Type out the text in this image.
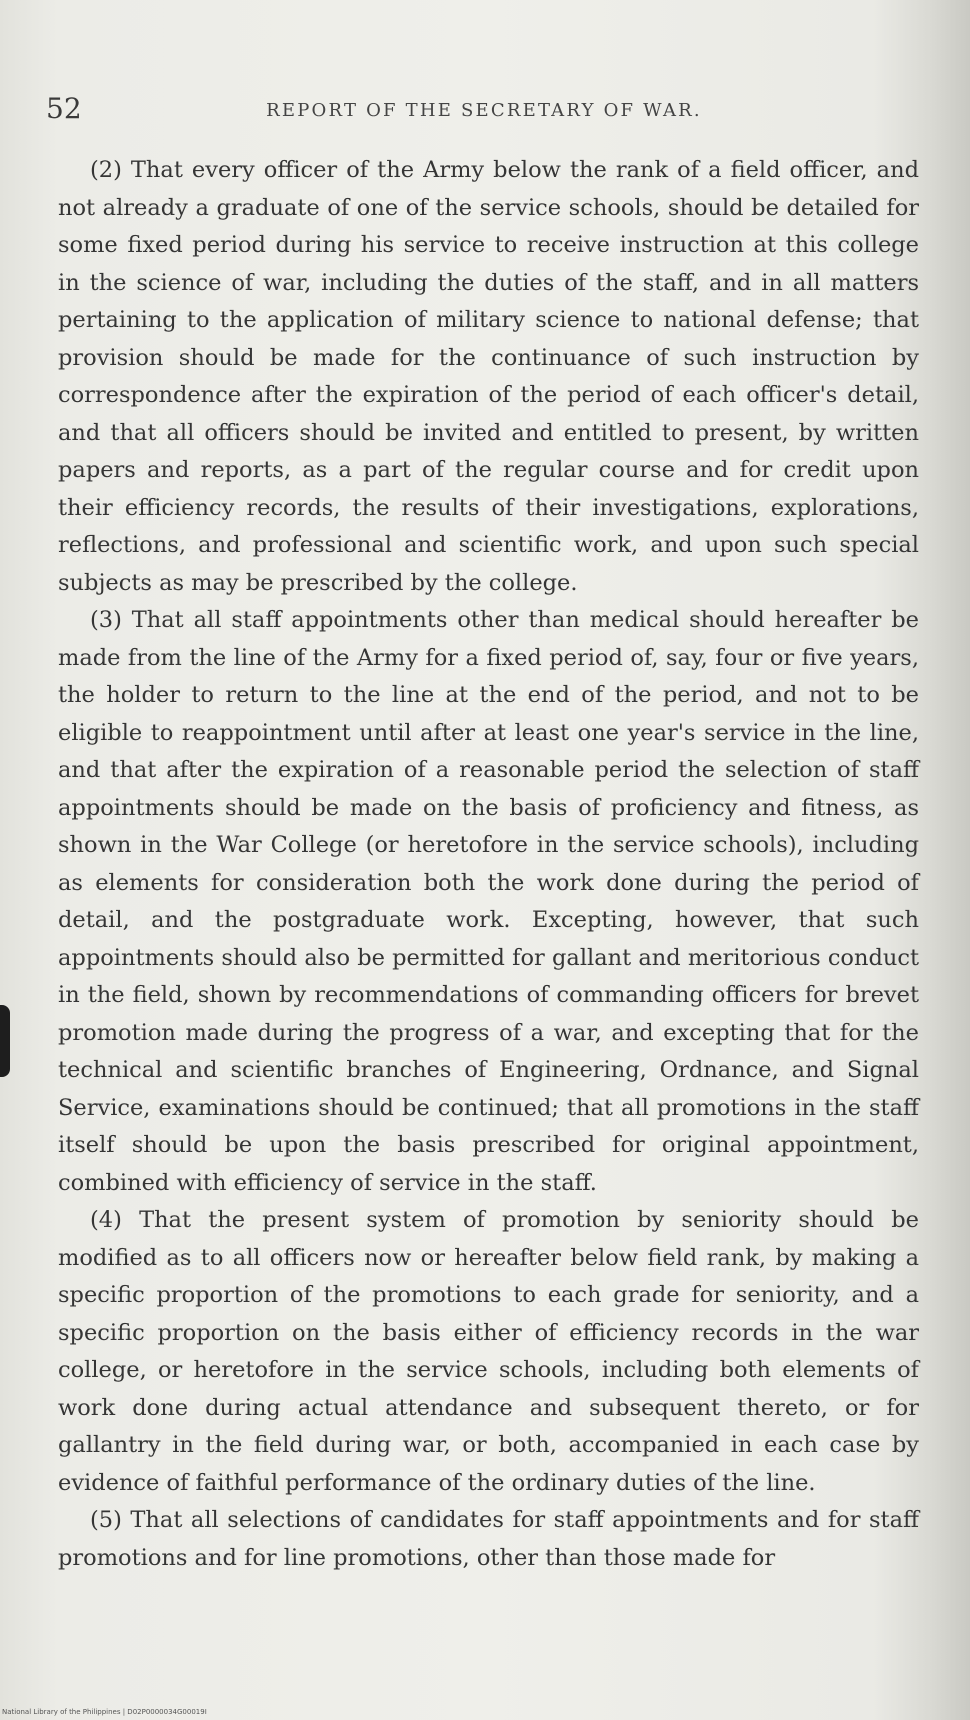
52	REPORT OF THE SECRETARY OF WAR.

(2) That every officer of the Army below the rank of a field officer, and not already a graduate of one of the service schools, should be detailed for some fixed period during his service to receive instruction at this college in the science of war, including the duties of the staff, and in all matters pertaining to the application of military science to national defense; that provision should be made for the continuance of such instruction by correspondence after the expiration of the period of each officer's detail, and that all officers should be invited and entitled to present, by written papers and reports, as a part of the regular course and for credit upon their efficiency records, the results of their investigations, explorations, reflections, and professional and scientific work, and upon such special subjects as may be prescribed by the college.

(3) That all staff appointments other than medical should hereafter be made from the line of the Army for a fixed period of, say, four or five years, the holder to return to the line at the end of the period, and not to be eligible to reappointment until after at least one year's service in the line, and that after the expiration of a reasonable period the selection of staff appointments should be made on the basis of proficiency and fitness, as shown in the War College (or heretofore in the service schools), including as elements for consideration both the work done during the period of detail, and the postgraduate work. Excepting, however, that such appointments should also be permitted for gallant and meritorious conduct in the field, shown by recommendations of commanding officers for brevet promotion made during the progress of a war, and excepting that for the technical and scientific branches of Engineering, Ordnance, and Signal Service, examinations should be continued; that all promotions in the staff itself should be upon the basis prescribed for original appointment, combined with efficiency of service in the staff.

(4) That the present system of promotion by seniority should be modified as to all officers now or hereafter below field rank, by making a specific proportion of the promotions to each grade for seniority, and a specific proportion on the basis either of efficiency records in the war college, or heretofore in the service schools, including both elements of work done during actual attendance and subsequent thereto, or for gallantry in the field during war, or both, accompanied in each case by evidence of faithful performance of the ordinary duties of the line.

(5) That all selections of candidates for staff appointments and for staff promotions and for line promotions, other than those made for

National Library of the Philippines | D02P0000034G00019I
